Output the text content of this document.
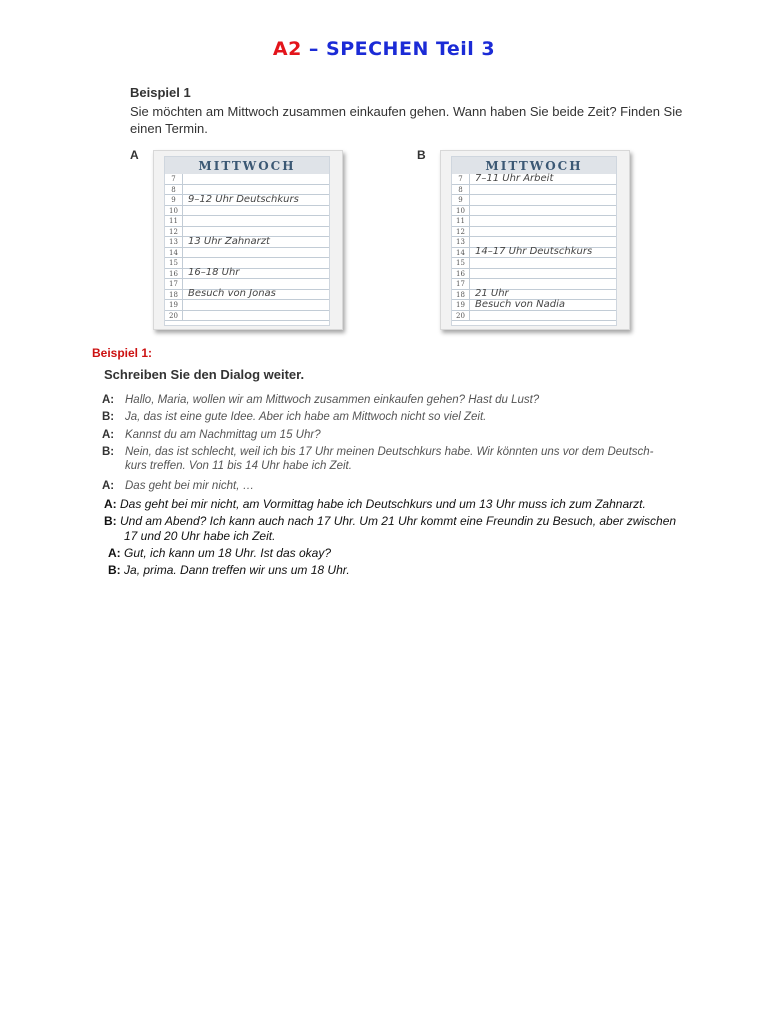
A2 – SPECHEN Teil 3
Beispiel 1
Sie möchten am Mittwoch zusammen einkaufen gehen. Wann haben Sie beide Zeit? Finden Sie einen Termin.
A
MITTWOCH
7
8
9	9–12 Uhr Deutschkurs
10
11
12
13	13 Uhr Zahnarzt
14
15
16	16–18 Uhr
17
18	Besuch von Jonas
19
20
B
MITTWOCH
7	7–11 Uhr Arbeit
8
9
10
11
12
13
14	14–17 Uhr Deutschkurs
15
16
17
18	21 Uhr
19	Besuch von Nadia
20
Beispiel 1:
Schreiben Sie den Dialog weiter.
A: Hallo, Maria, wollen wir am Mittwoch zusammen einkaufen gehen? Hast du Lust?
B: Ja, das ist eine gute Idee. Aber ich habe am Mittwoch nicht so viel Zeit.
A: Kannst du am Nachmittag um 15 Uhr?
B: Nein, das ist schlecht, weil ich bis 17 Uhr meinen Deutschkurs habe. Wir könnten uns vor dem Deutsch-
kurs treffen. Von 11 bis 14 Uhr habe ich Zeit.
A: Das geht bei mir nicht, …
A: Das geht bei mir nicht, am Vormittag habe ich Deutschkurs und um 13 Uhr muss ich zum Zahnarzt.
B: Und am Abend? Ich kann auch nach 17 Uhr. Um 21 Uhr kommt eine Freundin zu Besuch, aber zwischen
17 und 20 Uhr habe ich Zeit.
A: Gut, ich kann um 18 Uhr. Ist das okay?
B: Ja, prima. Dann treffen wir uns um 18 Uhr.
